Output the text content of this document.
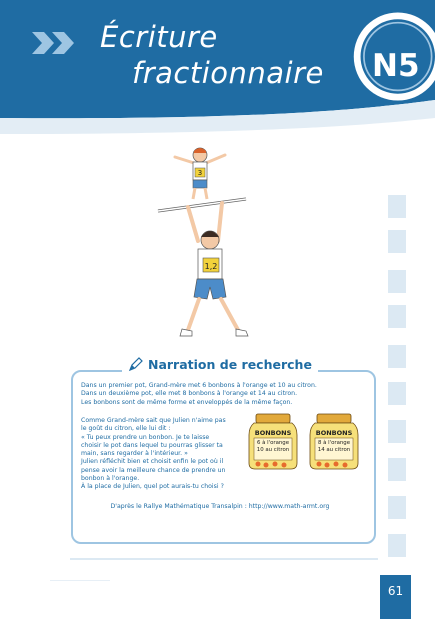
Écriture
fractionnaire N5
3
1,2
Narration de recherche
Dans un premier pot, Grand-mère met 6 bonbons à l'orange et 10 au citron.
Dans un deuxième pot, elle met 8 bonbons à l'orange et 14 au citron.
Les bonbons sont de même forme et enveloppés de la même façon.
Comme Grand-mère sait que Julien n'aime pas
le goût du citron, elle lui dit :
« Tu peux prendre un bonbon. Je te laisse
choisir le pot dans lequel tu pourras glisser ta
main, sans regarder à l'intérieur. »
Julien réfléchit bien et choisit enfin le pot où il
pense avoir la meilleure chance de prendre un
bonbon à l'orange.
À la place de Julien, quel pot aurais-tu choisi ?
BONBONS
6 à l'orange
10 au citron
BONBONS
8 à l'orange
14 au citron
D'après le Rallye Mathématique Transalpin : http://www.math-armt.org
61
